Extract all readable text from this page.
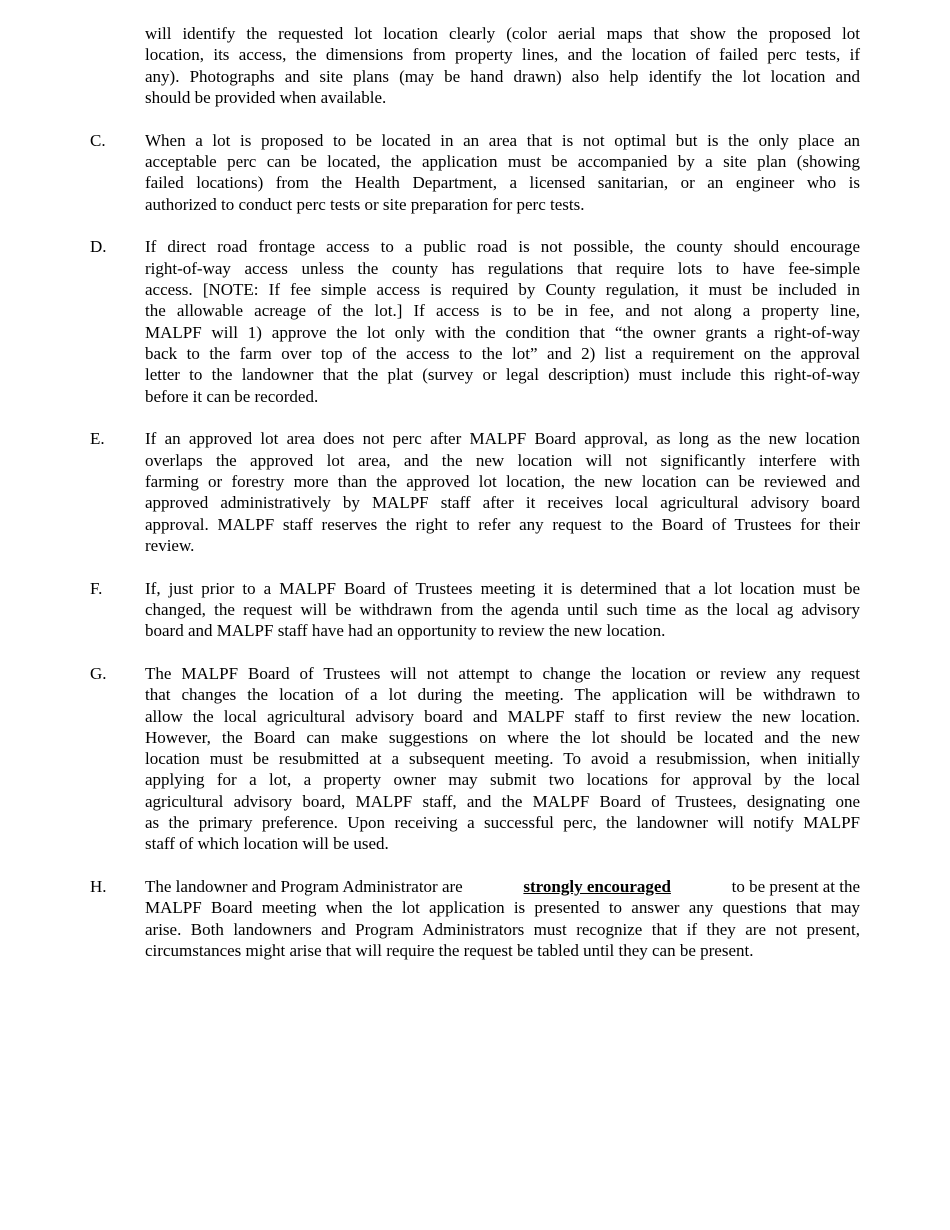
will identify the requested lot location clearly (color aerial maps that show the proposed lot
location, its access, the dimensions from property lines, and the location of failed perc tests, if
any). Photographs and site plans (may be hand drawn) also help identify the lot location and
should be provided when available.
C. When a lot is proposed to be located in an area that is not optimal but is the only place an
acceptable perc can be located, the application must be accompanied by a site plan (showing
failed locations) from the Health Department, a licensed sanitarian, or an engineer who is
authorized to conduct perc tests or site preparation for perc tests.
D. If direct road frontage access to a public road is not possible, the county should encourage
right-of-way access unless the county has regulations that require lots to have fee-simple
access. [NOTE: If fee simple access is required by County regulation, it must be included in
the allowable acreage of the lot.] If access is to be in fee, and not along a property line,
MALPF will 1) approve the lot only with the condition that “the owner grants a right-of-way
back to the farm over top of the access to the lot” and 2) list a requirement on the approval
letter to the landowner that the plat (survey or legal description) must include this right-of-way
before it can be recorded.
E. If an approved lot area does not perc after MALPF Board approval, as long as the new location
overlaps the approved lot area, and the new location will not significantly interfere with
farming or forestry more than the approved lot location, the new location can be reviewed and
approved administratively by MALPF staff after it receives local agricultural advisory board
approval. MALPF staff reserves the right to refer any request to the Board of Trustees for their
review.
F.	If, just prior to a MALPF Board of Trustees meeting it is determined that a lot location must be
changed, the request will be withdrawn from the agenda until such time as the local ag advisory
board and MALPF staff have had an opportunity to review the new location.
G. The MALPF Board of Trustees will not attempt to change the location or review any request
that changes the location of a lot during the meeting. The application will be withdrawn to
allow the local agricultural advisory board and MALPF staff to first review the new location.
However, the Board can make suggestions on where the lot should be located and the new
location must be resubmitted at a subsequent meeting. To avoid a resubmission, when initially
applying for a lot, a property owner may submit two locations for approval by the local
agricultural advisory board, MALPF staff, and the MALPF Board of Trustees, designating one
as the primary preference. Upon receiving a successful perc, the landowner will notify MALPF
staff of which location will be used.
H. The landowner and Program Administrator are	strongly encouraged	to be present at the
MALPF Board meeting when the lot application is presented to answer any questions that may
arise. Both landowners and Program Administrators must recognize that if they are not present,
circumstances might arise that will require the request be tabled until they can be present.
